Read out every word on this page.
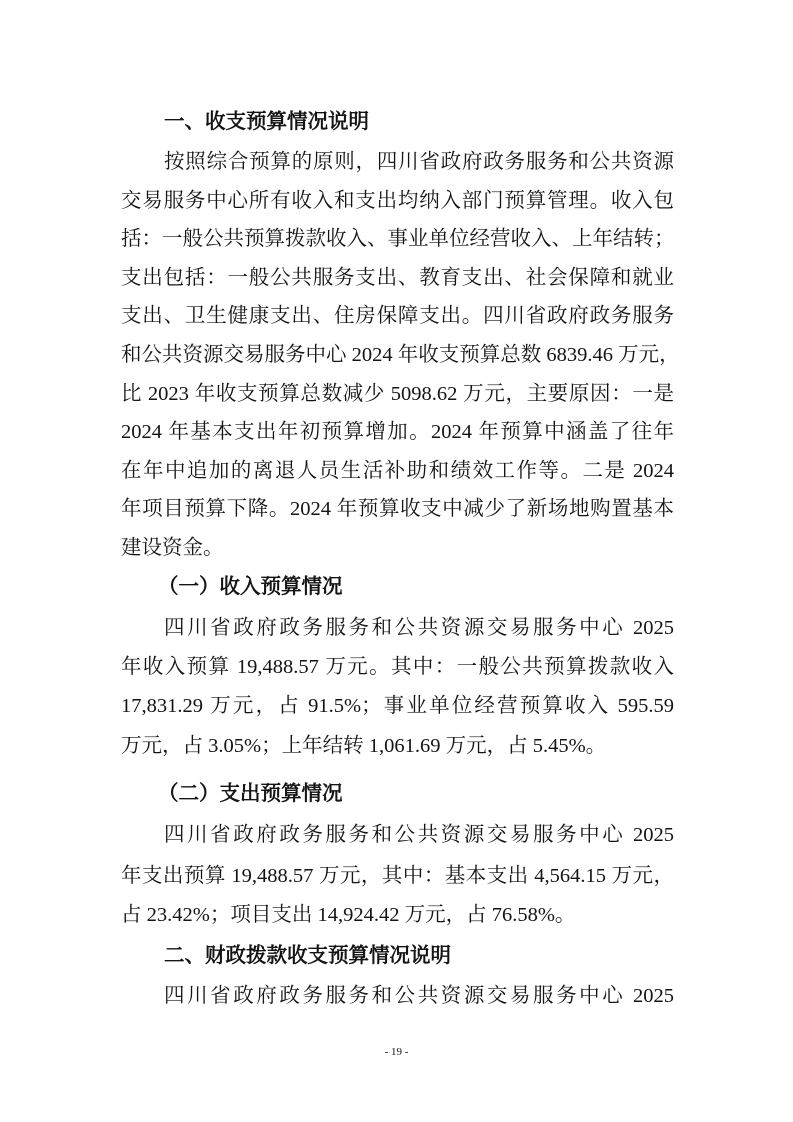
一、收支预算情况说明
按照综合预算的原则，四川省政府政务服务和公共资源
交易服务中心所有收入和支出均纳入部门预算管理。收入包
括：一般公共预算拨款收入、事业单位经营收入、上年结转；
支出包括：一般公共服务支出、教育支出、社会保障和就业
支出、卫生健康支出、住房保障支出。四川省政府政务服务
和公共资源交易服务中心 2024 年收支预算总数 6839.46 万元，
比 2023 年收支预算总数减少 5098.62 万元，主要原因：一是
2024 年基本支出年初预算增加。2024 年预算中涵盖了往年
在年中追加的离退人员生活补助和绩效工作等。二是 2024
年项目预算下降。2024 年预算收支中减少了新场地购置基本
建设资金。
（一）收入预算情况
四川省政府政务服务和公共资源交易服务中心 2025
年收入预算 19,488.57 万元。其中：一般公共预算拨款收入
17,831.29 万元，占 91.5%；事业单位经营预算收入 595.59
万元，占 3.05%；上年结转 1,061.69 万元，占 5.45%。
（二）支出预算情况
四川省政府政务服务和公共资源交易服务中心 2025
年支出预算 19,488.57 万元，其中：基本支出 4,564.15 万元，
占 23.42%；项目支出 14,924.42 万元，占 76.58%。
二、财政拨款收支预算情况说明
四川省政府政务服务和公共资源交易服务中心 2025
- 19 -
